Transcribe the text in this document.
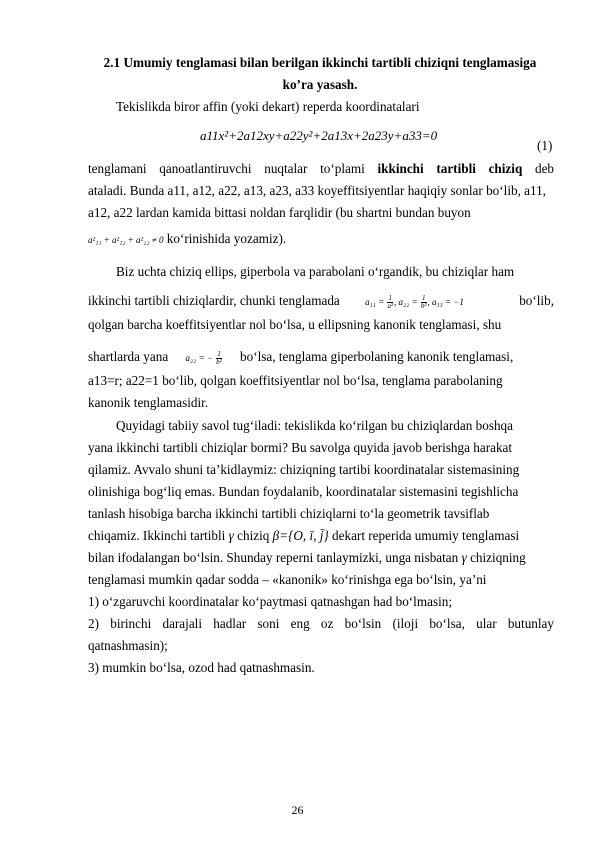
2.1 Umumiy tenglamasi bilan berilgan ikkinchi tartibli chiziqni tenglamasiga
ko’ra yasash.
Tekislikda biror affin (yoki dekart) reperda koordinatalari
a11x²+2a12xy+a22y²+2a13x+2a23y+a33=0
(1)
tenglamani qanoatlantiruvchi nuqtalar to‘plami ikkinchi tartibli chiziq deb
ataladi. Bunda a11, a12, a22, a13, a23, a33 koyeffitsiyentlar haqiqiy sonlar bo‘lib, a11,
a12, a22 lardan kamida bittasi noldan farqlidir (bu shartni bundan buyon
a²₁₁ + a²₁₂ + a²₂₂ ≠ 0 ko‘rinishida yozamiz).
Biz uchta chiziq ellips, giperbola va parabolani o‘rgandik, bu chiziqlar ham
ikkinchi tartibli chiziqlardir, chunki tenglamada	$a_{11} = \frac{1}{\text{a²}}$ , $a_{22} = \frac{1}{\text{b²}}$ , a₃₃ = −1	bo‘lib,
qolgan barcha koeffitsiyentlar nol bo‘lsa, u ellipsning kanonik tenglamasi, shu
shartlarda yana a₂₂ = − $\frac{1}{\text{b²}}$ bo‘lsa, tenglama giperbolaning kanonik tenglamasi,
a13=r; a22=1 bo‘lib, qolgan koeffitsiyentlar nol bo‘lsa, tenglama parabolaning
kanonik tenglamasidir.
Quyidagi tabiiy savol tug‘iladi: tekislikda ko‘rilgan bu chiziqlardan boshqa
yana ikkinchi tartibli chiziqlar bormi? Bu savolga quyida javob berishga harakat
qilamiz. Avvalo shuni ta’kidlaymiz: chiziqning tartibi koordinatalar sistemasining
olinishiga bog‘liq emas. Bundan foydalanib, koordinatalar sistemasini tegishlicha
tanlash hisobiga barcha ikkinchi tartibli chiziqlarni to‘la geometrik tavsiflab
chiqamiz. Ikkinchi tartibli γ chiziq β={O, ī, j̄} dekart reperida umumiy tenglamasi
bilan ifodalangan bo‘lsin. Shunday reperni tanlaymizki, unga nisbatan γ chiziqning
tenglamasi mumkin qadar sodda – «kanonik» ko‘rinishga ega bo‘lsin, ya’ni
1) o‘zgaruvchi koordinatalar ko‘paytmasi qatnashgan had bo‘lmasin;
2) birinchi darajali hadlar soni eng oz bo‘lsin (iloji bo‘lsa, ular butunlay
qatnashmasin);
3) mumkin bo‘lsa, ozod had qatnashmasin.
26
